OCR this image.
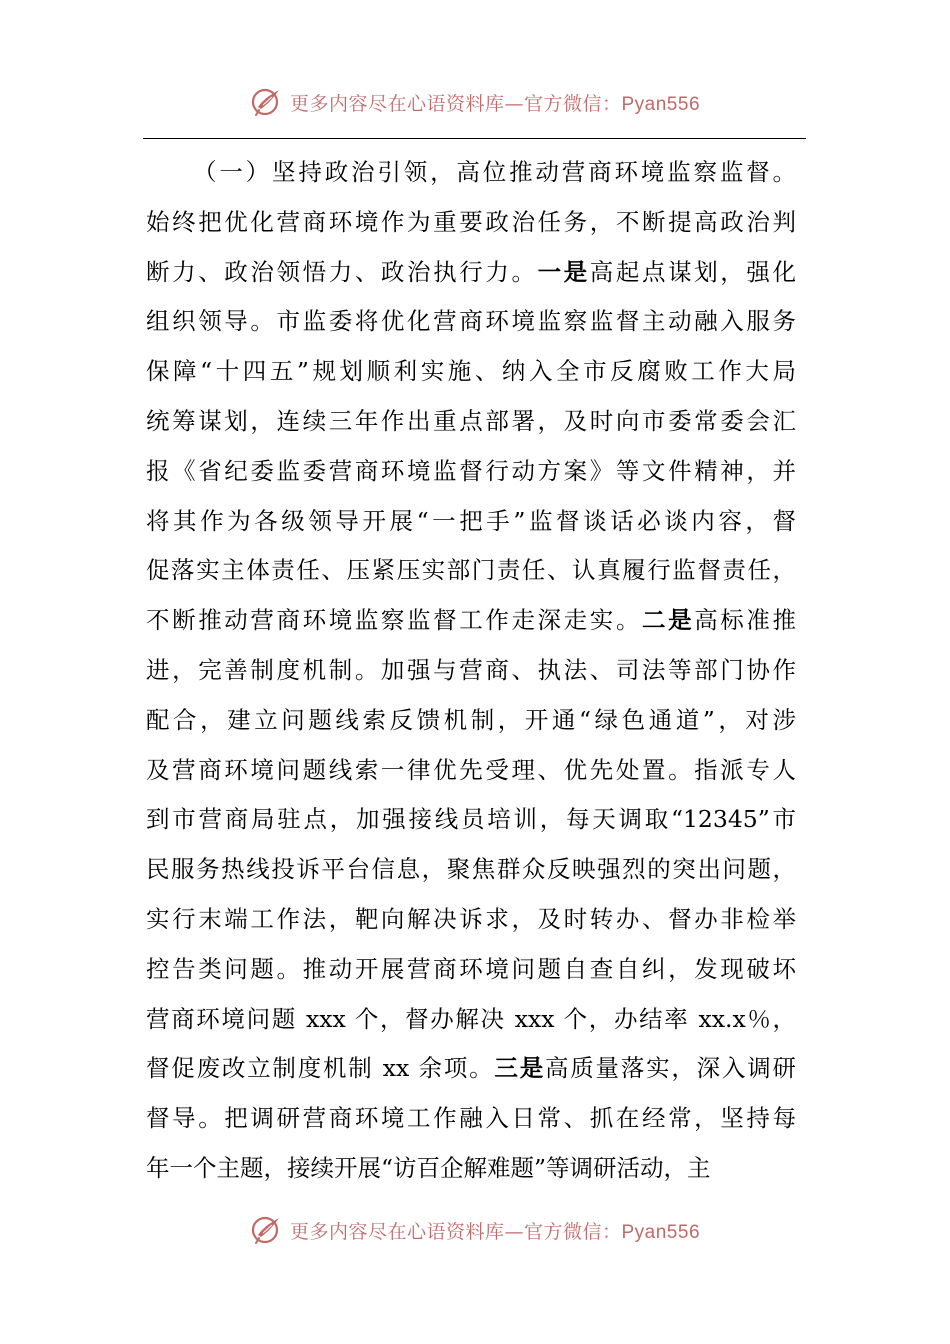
更多内容尽在心语资料库—官方微信：Pyan556
（一）坚持政治引领，高位推动营商环境监察监督。
始终把优化营商环境作为重要政治任务，不断提高政治判
断力、政治领悟力、政治执行力。一是高起点谋划，强化
组织领导。市监委将优化营商环境监察监督主动融入服务
保障“十四五”规划顺利实施、纳入全市反腐败工作大局
统筹谋划，连续三年作出重点部署，及时向市委常委会汇
报《省纪委监委营商环境监督行动方案》等文件精神，并
将其作为各级领导开展“一把手”监督谈话必谈内容，督
促落实主体责任、压紧压实部门责任、认真履行监督责任，
不断推动营商环境监察监督工作走深走实。二是高标准推
进，完善制度机制。加强与营商、执法、司法等部门协作
配合，建立问题线索反馈机制，开通“绿色通道”，对涉
及营商环境问题线索一律优先受理、优先处置。指派专人
到市营商局驻点，加强接线员培训，每天调取“12345”市
民服务热线投诉平台信息，聚焦群众反映强烈的突出问题，
实行末端工作法，靶向解决诉求，及时转办、督办非检举
控告类问题。推动开展营商环境问题自查自纠，发现破坏
营商环境问题 xxx 个，督办解决 xxx 个，办结率 xx.x％，
督促废改立制度机制 xx 余项。三是高质量落实，深入调研
督导。把调研营商环境工作融入日常、抓在经常，坚持每
年一个主题，接续开展“访百企解难题”等调研活动，主
更多内容尽在心语资料库—官方微信：Pyan556
